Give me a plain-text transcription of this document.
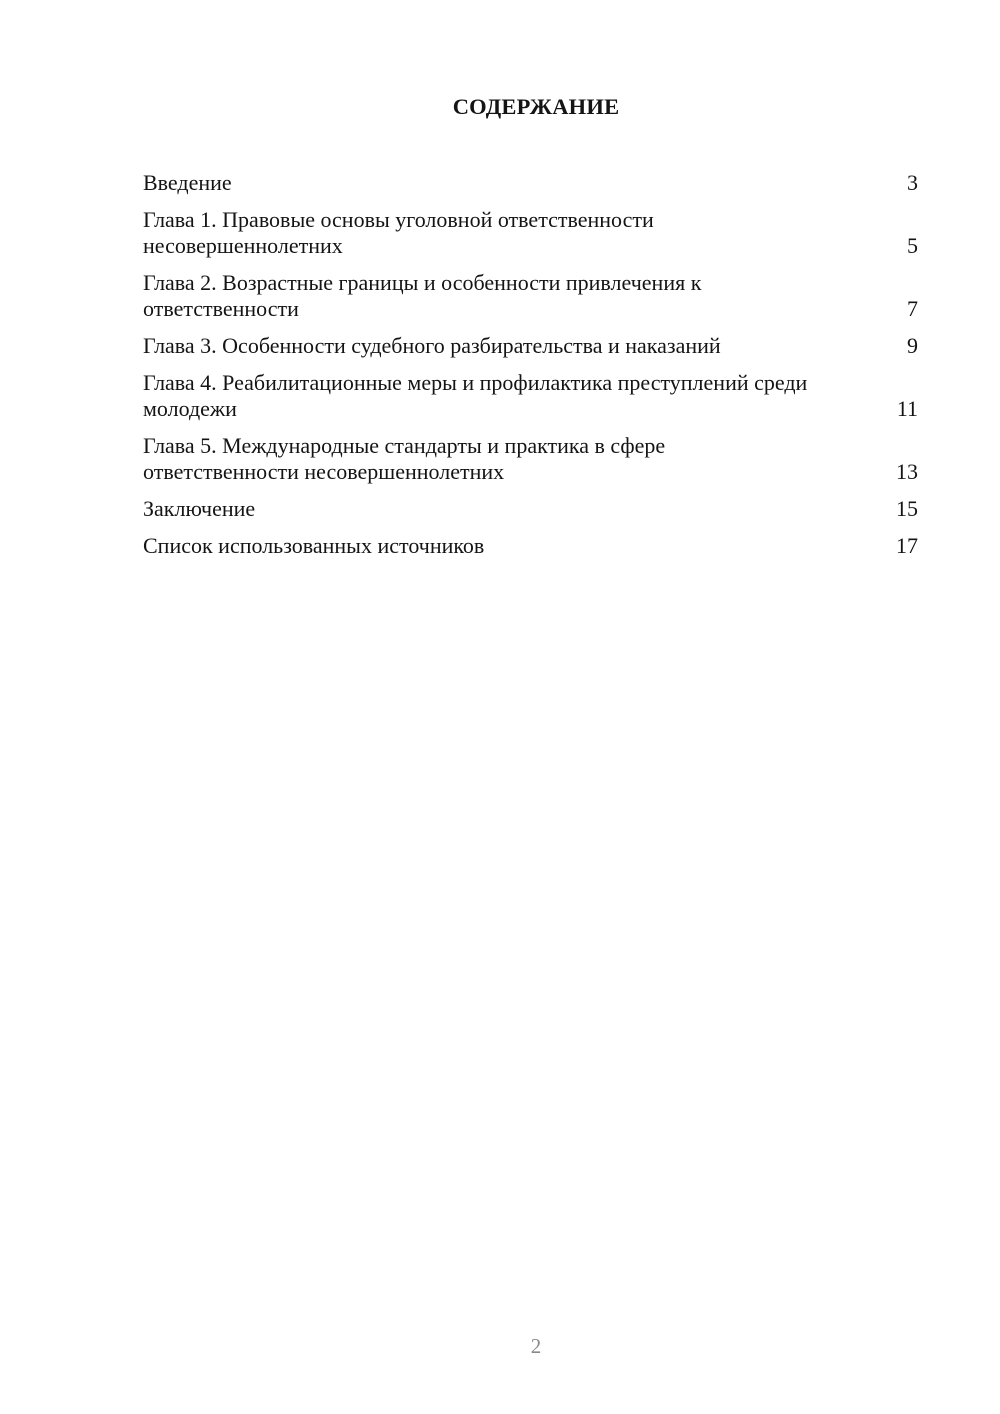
СОДЕРЖАНИЕ
Введение	3
Глава 1. Правовые основы уголовной ответственности несовершеннолетних	5
Глава 2. Возрастные границы и особенности привлечения к ответственности	7
Глава 3. Особенности судебного разбирательства и наказаний	9
Глава 4. Реабилитационные меры и профилактика преступлений среди молодежи	11
Глава 5. Международные стандарты и практика в сфере ответственности несовершеннолетних	13
Заключение	15
Список использованных источников	17
2
